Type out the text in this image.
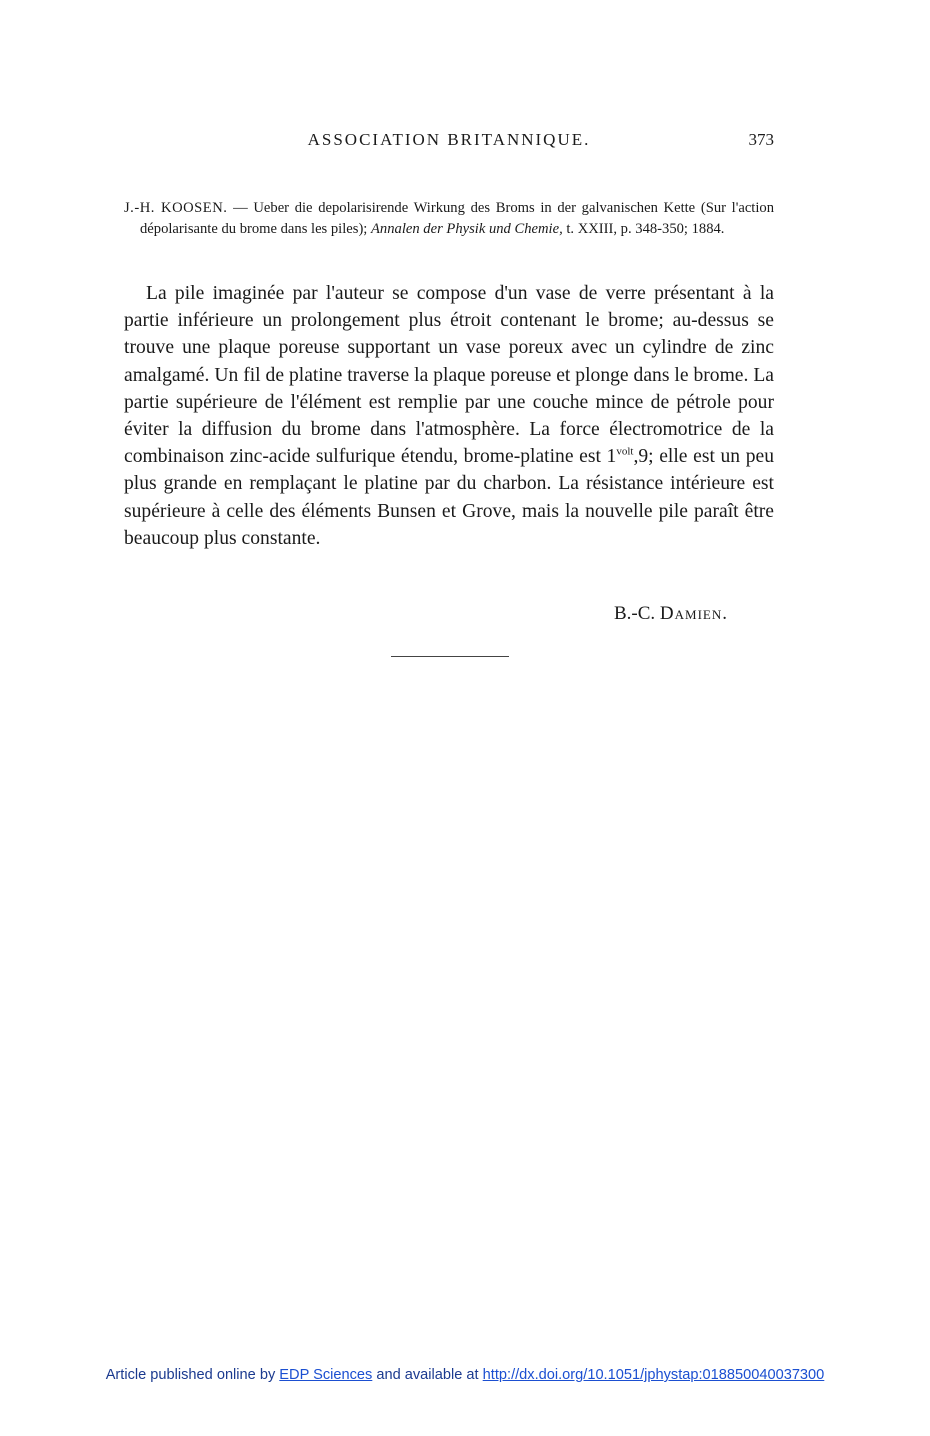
ASSOCIATION BRITANNIQUE.	373
J.-H. KOOSEN. — Ueber die depolarisirende Wirkung des Broms in der galvanischen Kette (Sur l'action dépolarisante du brome dans les piles); Annalen der Physik und Chemie, t. XXIII, p. 348-350; 1884.

La pile imaginée par l'auteur se compose d'un vase de verre présentant à la partie inférieure un prolongement plus étroit contenant le brome; au-dessus se trouve une plaque poreuse supportant un vase poreux avec un cylindre de zinc amalgamé. Un fil de platine traverse la plaque poreuse et plonge dans le brome. La partie supérieure de l'élément est remplie par une couche mince de pétrole pour éviter la diffusion du brome dans l'atmosphère. La force électromotrice de la combinaison zinc-acide sulfurique étendu, brome-platine est $1^{volt},9$; elle est un peu plus grande en remplaçant le platine par du charbon. La résistance intérieure est supérieure à celle des éléments Bunsen et Grove, mais la nouvelle pile paraît être beaucoup plus constante.

B.-C. Damien.
Article published online by EDP Sciences and available at http://dx.doi.org/10.1051/jphystap:018850040037300
